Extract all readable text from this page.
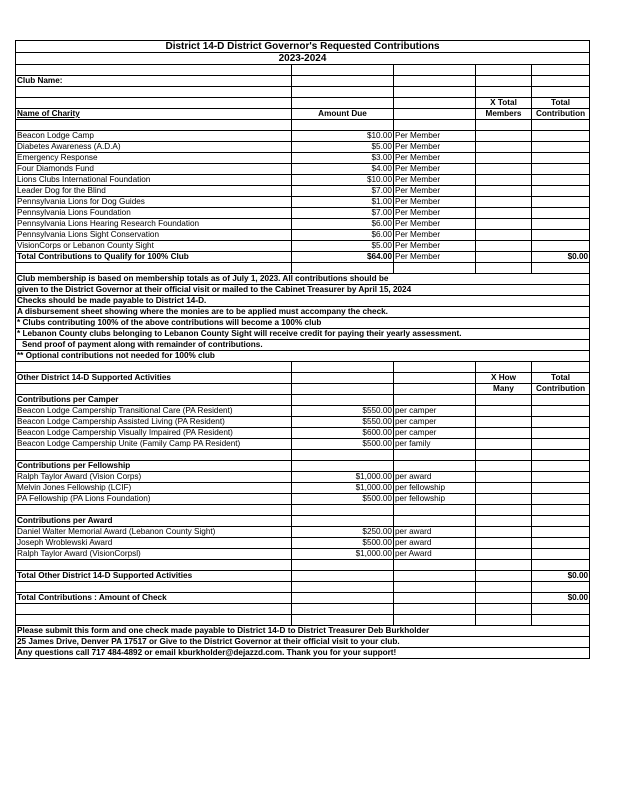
District 14-D District Governor's Requested Contributions				
2023-2024				

Club Name:				

			X Total	Total
Name of Charity	Amount Due		Members	Contribution

Beacon Lodge Camp	$10.00	Per Member		
Diabetes Awareness (A.D.A)	$5.00	Per Member		
Emergency Response	$3.00	Per Member		
Four Diamonds Fund	$4.00	Per Member		
Lions Clubs International Foundation	$10.00	Per Member		
Leader Dog for the Blind	$7.00	Per Member		
Pennsylvania Lions for Dog Guides	$1.00	Per Member		
Pennsylvania Lions Foundation	$7.00	Per Member		
Pennsylvania Lions Hearing Research Foundation	$6.00	Per Member		
Pennsylvania Lions Sight Conservation	$6.00	Per Member		
VisionCorps or Lebanon County Sight	$5.00	Per Member		
Total Contributions to Qualify for 100% Club	$64.00	Per Member		$0.00

Club membership is based on membership totals as of July 1, 2023. All contributions should be				
given to the District Governor at their official visit or mailed to the Cabinet Treasurer by April 15, 2024				
Checks should be made payable to District 14-D.				
A disbursement sheet showing where the monies are to be applied must accompany the check.				
* Clubs contributing 100% of the above contributions will become a 100% club				
* Lebanon County clubs belonging to Lebanon County Sight will receive credit for paying their yearly assessment.				
Send proof of payment along with remainder of contributions.				
** Optional contributions not needed for 100% club				

Other District 14-D Supported Activities			X How	Total
			Many	Contribution
Contributions per Camper				
Beacon Lodge Campership Transitional Care (PA Resident)	$550.00	per camper		
Beacon Lodge Campership Assisted Living (PA Resident)	$550.00	per camper		
Beacon Lodge Campership Visually Impaired (PA Resident)	$600.00	per camper		
Beacon Lodge Campership Unite (Family Camp PA Resident)	$500.00	per family		

Contributions per Fellowship				
Ralph Taylor Award (Vision Corps)	$1,000.00	per award		
Melvin Jones Fellowship (LCIF)	$1,000.00	per fellowship		
PA Fellowship (PA Lions Foundation)	$500.00	per fellowship		

Contributions per Award				
Daniel Walter Memorial Award (Lebanon County Sight)	$250.00	per award		
Joseph Wroblewski Award	$500.00	per award		
Ralph Taylor Award (VisionCorpsl)	$1,000.00	per Award		

Total Other District 14-D Supported Activities				$0.00

Total Contributions : Amount of Check				$0.00

Please submit this form and one check made payable to District 14-D to District Treasurer Deb Burkholder				
25 James Drive, Denver PA 17517 or Give to the District Governor at their official visit to your club.				
Any questions call 717 484-4892 or email kburkholder@dejazzd.com. Thank you for your support!				
